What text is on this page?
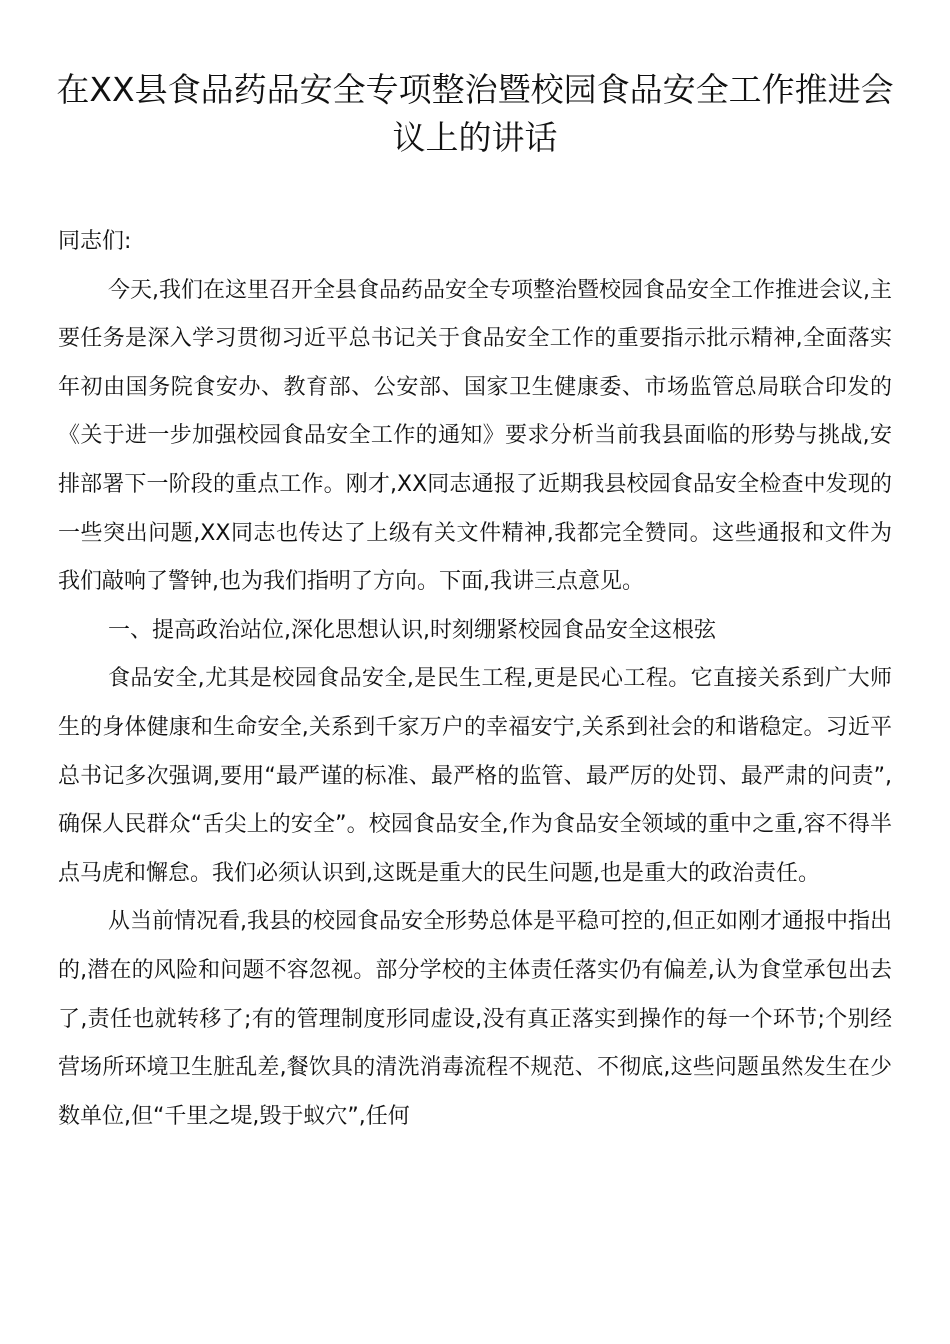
在XX县食品药品安全专项整治暨校园食品安全工作推进会议上的讲话

同志们:

今天,我们在这里召开全县食品药品安全专项整治暨校园食品安全工作推进会议,主要任务是深入学习贯彻习近平总书记关于食品安全工作的重要指示批示精神,全面落实年初由国务院食安办、教育部、公安部、国家卫生健康委、市场监管总局联合印发的《关于进一步加强校园食品安全工作的通知》要求分析当前我县面临的形势与挑战,安排部署下一阶段的重点工作。刚才,XX同志通报了近期我县校园食品安全检查中发现的一些突出问题,XX同志也传达了上级有关文件精神,我都完全赞同。这些通报和文件为我们敲响了警钟,也为我们指明了方向。下面,我讲三点意见。

一、提高政治站位,深化思想认识,时刻绷紧校园食品安全这根弦

食品安全,尤其是校园食品安全,是民生工程,更是民心工程。它直接关系到广大师生的身体健康和生命安全,关系到千家万户的幸福安宁,关系到社会的和谐稳定。习近平总书记多次强调,要用“最严谨的标准、最严格的监管、最严厉的处罚、最严肃的问责”,确保人民群众“舌尖上的安全”。校园食品安全,作为食品安全领域的重中之重,容不得半点马虎和懈怠。我们必须认识到,这既是重大的民生问题,也是重大的政治责任。

从当前情况看,我县的校园食品安全形势总体是平稳可控的,但正如刚才通报中指出的,潜在的风险和问题不容忽视。部分学校的主体责任落实仍有偏差,认为食堂承包出去了,责任也就转移了;有的管理制度形同虚设,没有真正落实到操作的每一个环节;个别经营场所环境卫生脏乱差,餐饮具的清洗消毒流程不规范、不彻底,这些问题虽然发生在少数单位,但“千里之堤,毁于蚁穴”,任何
